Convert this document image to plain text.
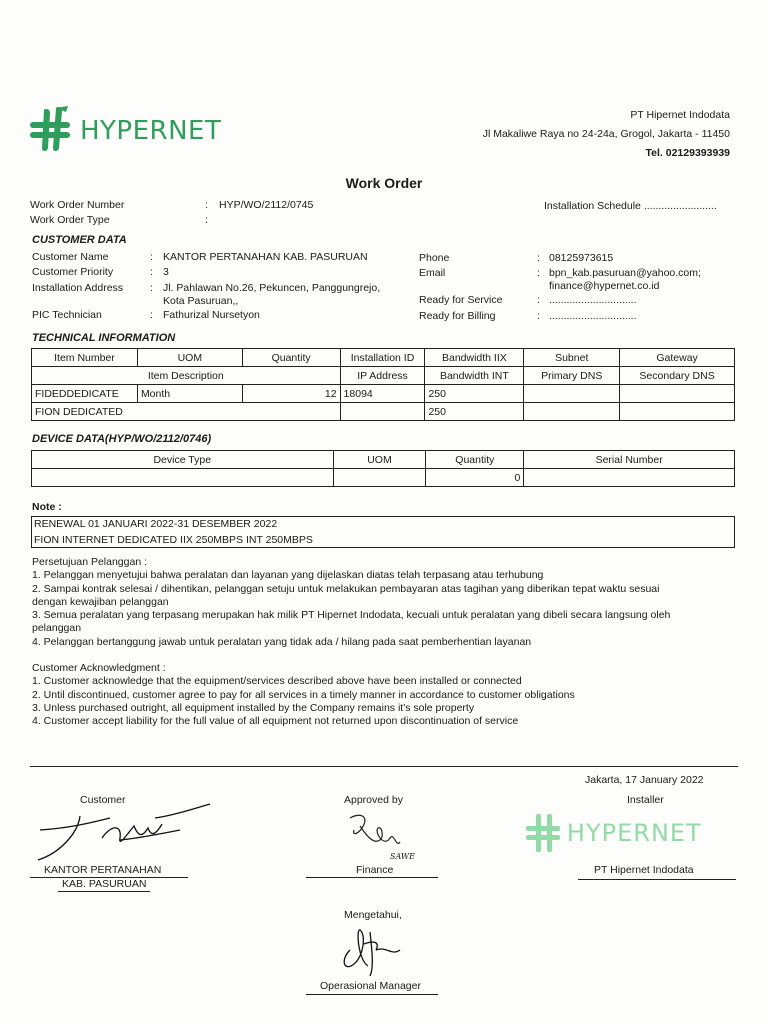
HYPERNET
PT Hipernet Indodata
Jl Makaliwe Raya no 24-24a, Grogol, Jakarta - 11450
Tel. 02129393939
Work Order
Work Order Number	: HYP/WO/2112/0745
Work Order Type	:
Installation Schedule .........................
CUSTOMER DATA
Customer Name	: KANTOR PERTANAHAN KAB. PASURUAN
Customer Priority	: 3
Installation Address	: Jl. Pahlawan No.26, Pekuncen, Panggungrejo,
Kota Pasuruan,,
PIC Technician	: Fathurizal Nursetyon
Phone	: 08125973615
Email	: bpn_kab.pasuruan@yahoo.com;
finance@hypernet.co.id
Ready for Service	: ..............................
Ready for Billing	: ..............................
TECHNICAL INFORMATION
Item Number	UOM	Quantity	Installation ID	Bandwidth IIX	Subnet	Gateway
Item Description			IP Address	Bandwidth INT	Primary DNS	Secondary DNS
FIDEDDEDICATE	Month	12	18094	250		
FION DEDICATED				250		
DEVICE DATA(HYP/WO/2112/0746)
Device Type	UOM	Quantity	Serial Number
		0	
Note :
RENEWAL 01 JANUARI 2022-31 DESEMBER 2022
FION INTERNET DEDICATED IIX 250MBPS INT 250MBPS
Persetujuan Pelanggan :
1. Pelanggan menyetujui bahwa peralatan dan layanan yang dijelaskan diatas telah terpasang atau terhubung
2. Sampai kontrak selesai / dihentikan, pelanggan setuju untuk melakukan pembayaran atas tagihan yang diberikan tepat waktu sesuai
dengan kewajiban pelanggan
3. Semua peralatan yang terpasang merupakan hak milik PT Hipernet Indodata, kecuali untuk peralatan yang dibeli secara langsung oleh
pelanggan
4. Pelanggan bertanggung jawab untuk peralatan yang tidak ada / hilang pada saat pemberhentian layanan
Customer Acknowledgment :
1. Customer acknowledge that the equipment/services described above have been installed or connected
2. Until discontinued, customer agree to pay for all services in a timely manner in accordance to customer obligations
3. Unless purchased outright, all equipment installed by the Company remains it's sole property
4. Customer accept liability for the full value of all equipment not returned upon discontinuation of service
Jakarta, 17 January 2022
Customer
KANTOR PERTANAHAN
KAB. PASURUAN
Approved by
SAWE
Finance
Installer
HYPERNET
PT Hipernet Indodata
Mengetahui,
Operasional Manager
